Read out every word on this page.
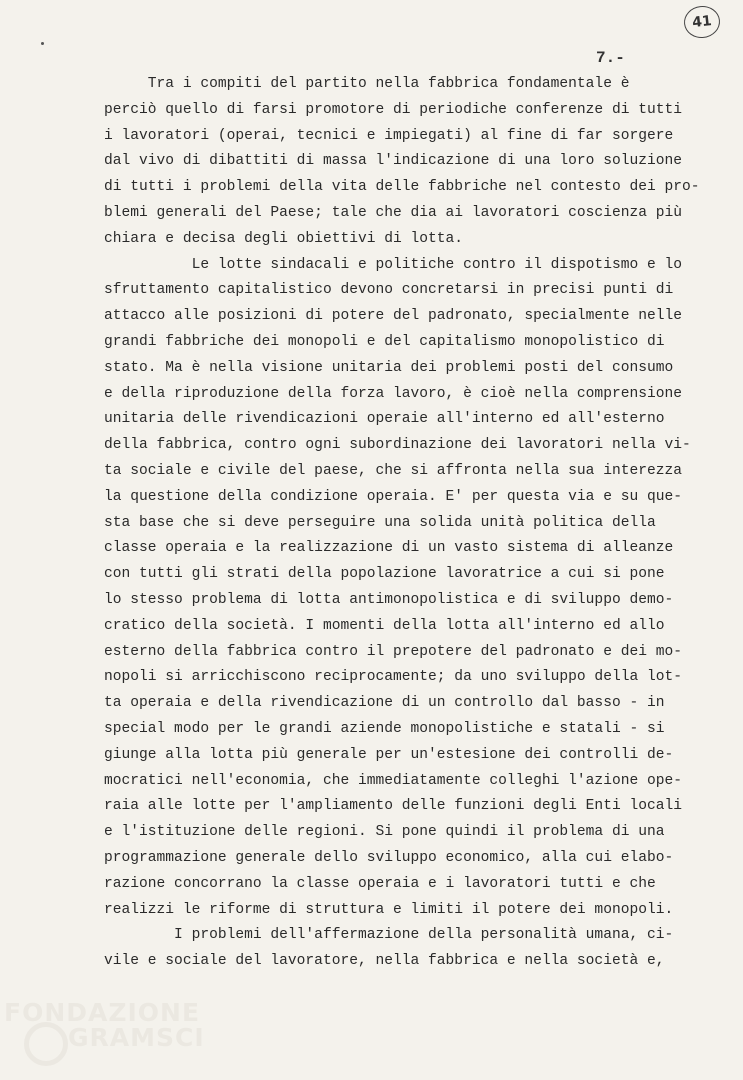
41
7.-
Tra i compiti del partito nella fabbrica fondamentale è
perciò quello di farsi promotore di periodiche conferenze di tutti
i lavoratori (operai, tecnici e impiegati) al fine di far sorgere
dal vivo di dibattiti di massa l'indicazione di una loro soluzione
di tutti i problemi della vita delle fabbriche nel contesto dei pro-
blemi generali del Paese; tale che dia ai lavoratori coscienza più
chiara e decisa degli obiettivi di lotta.
Le lotte sindacali e politiche contro il dispotismo e lo
sfruttamento capitalistico devono concretarsi in precisi punti di
attacco alle posizioni di potere del padronato, specialmente nelle
grandi fabbriche dei monopoli e del capitalismo monopolistico di
stato. Ma è nella visione unitaria dei problemi posti del consumo
e della riproduzione della forza lavoro, è cioè nella comprensione
unitaria delle rivendicazioni operaie all'interno ed all'esterno
della fabbrica, contro ogni subordinazione dei lavoratori nella vi-
ta sociale e civile del paese, che si affronta nella sua interezza
la questione della condizione operaia. E' per questa via e su que-
sta base che si deve perseguire una solida unità politica della
classe operaia e la realizzazione di un vasto sistema di alleanze
con tutti gli strati della popolazione lavoratrice a cui si pone
lo stesso problema di lotta antimonopolistica e di sviluppo demo-
cratico della società. I momenti della lotta all'interno ed allo
esterno della fabbrica contro il prepotere del padronato e dei mo-
nopoli si arricchiscono reciprocamente; da uno sviluppo della lot-
ta operaia e della rivendicazione di un controllo dal basso - in
special modo per le grandi aziende monopolistiche e statali - si
giunge alla lotta più generale per un'estesione dei controlli de-
mocratici nell'economia, che immediatamente colleghi l'azione ope-
raia alle lotte per l'ampliamento delle funzioni degli Enti locali
e l'istituzione delle regioni. Si pone quindi il problema di una
programmazione generale dello sviluppo economico, alla cui elabo-
razione concorrano la classe operaia e i lavoratori tutti e che
realizzi le riforme di struttura e limiti il potere dei monopoli.
I problemi dell'affermazione della personalità umana, ci-
vile e sociale del lavoratore, nella fabbrica e nella società e,
FONDAZIONE
GRAMSCI
